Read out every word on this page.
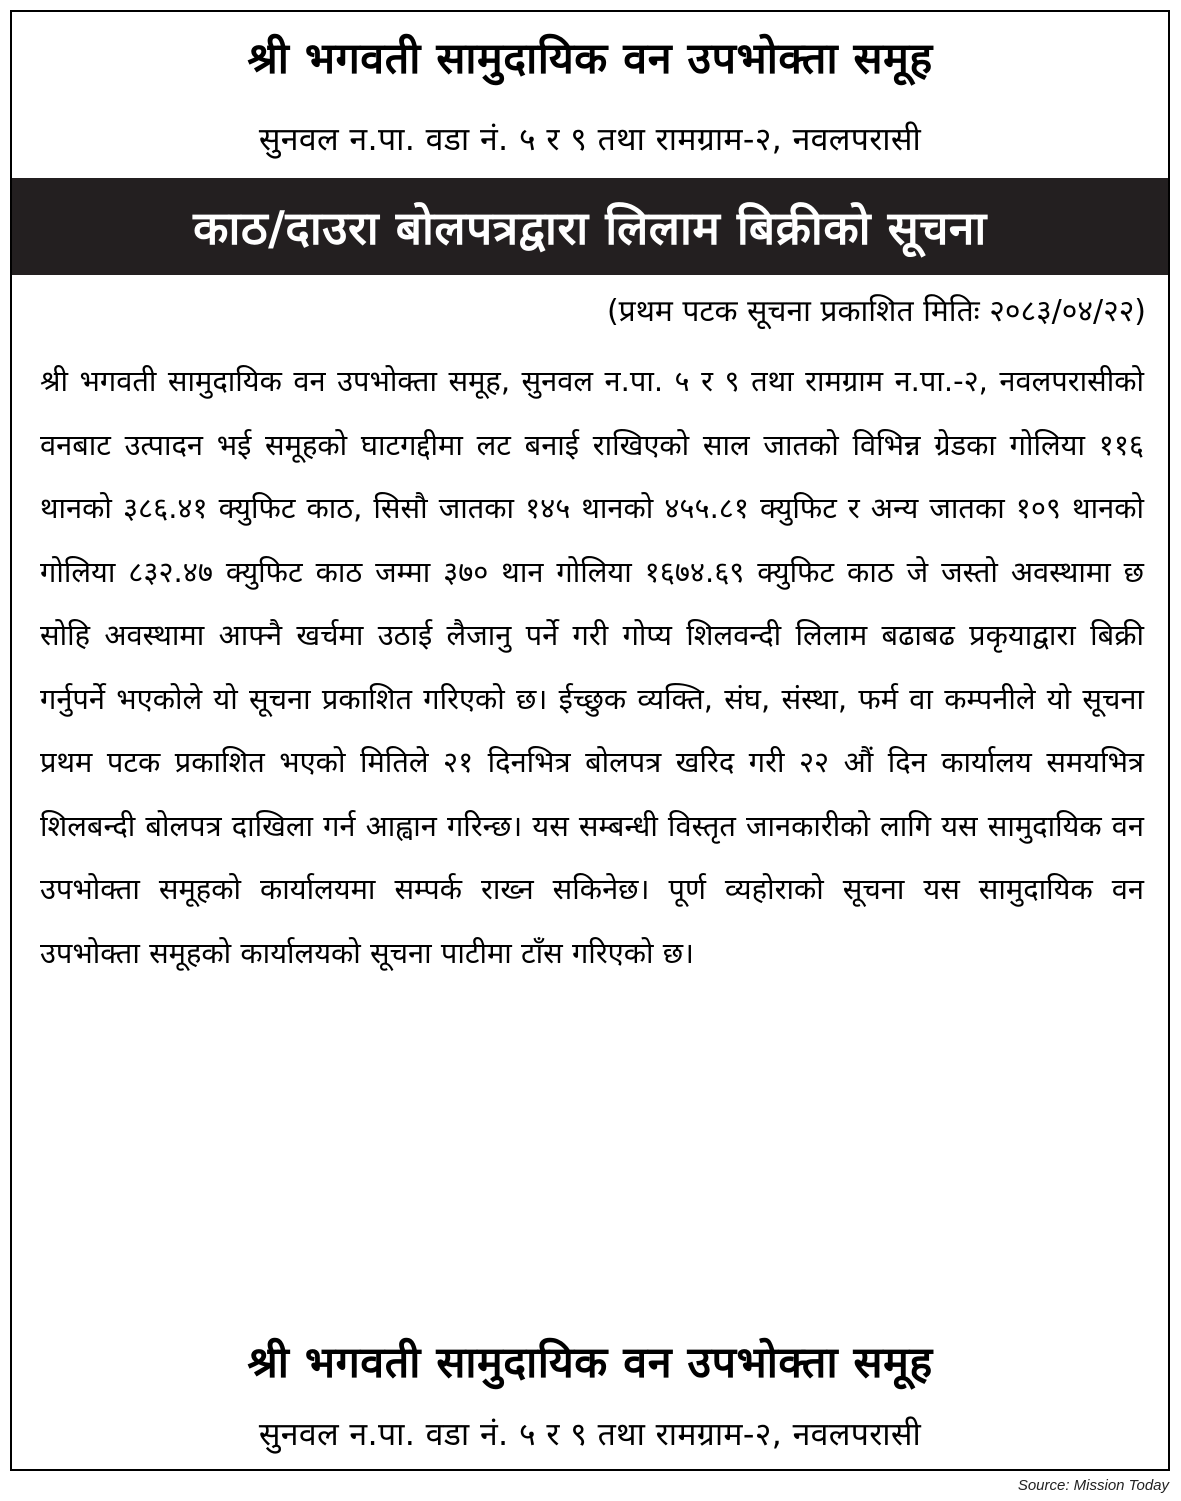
श्री भगवती सामुदायिक वन उपभोक्ता समूह
सुनवल न.पा. वडा नं. ५ र ९ तथा रामग्राम-२, नवलपरासी
काठ/दाउरा बोलपत्रद्वारा लिलाम बिक्रीको सूचना
(प्रथम पटक सूचना प्रकाशित मितिः २०८३/०४/२२)
श्री भगवती सामुदायिक वन उपभोक्ता समूह, सुनवल न.पा. ५ र ९ तथा रामग्राम न.पा.-२, नवलपरासीको वनबाट उत्पादन भई समूहको घाटगद्दीमा लट बनाई राखिएको साल जातको विभिन्न ग्रेडका गोलिया ११६ थानको ३८६.४१ क्युफिट काठ, सिसौ जातका १४५ थानको ४५५.८१ क्युफिट र अन्य जातका १०९ थानको गोलिया ८३२.४७ क्युफिट काठ जम्मा ३७० थान गोलिया १६७४.६९ क्युफिट काठ जे जस्तो अवस्थामा छ सोहि अवस्थामा आफ्नै खर्चमा उठाई लैजानु पर्ने गरी गोप्य शिलवन्दी लिलाम बढाबढ प्रकृयाद्वारा बिक्री गर्नुपर्ने भएकोले यो सूचना प्रकाशित गरिएको छ। ईच्छुक व्यक्ति, संघ, संस्था, फर्म वा कम्पनीले यो सूचना प्रथम पटक प्रकाशित भएको मितिले २१ दिनभित्र बोलपत्र खरिद गरी २२ औं दिन कार्यालय समयभित्र शिलबन्दी बोलपत्र दाखिला गर्न आह्वान गरिन्छ। यस सम्बन्धी विस्तृत जानकारीको लागि यस सामुदायिक वन उपभोक्ता समूहको कार्यालयमा सम्पर्क राख्न सकिनेछ। पूर्ण व्यहोराको सूचना यस सामुदायिक वन उपभोक्ता समूहको कार्यालयको सूचना पाटीमा टाँस गरिएको छ।
श्री भगवती सामुदायिक वन उपभोक्ता समूह
सुनवल न.पा. वडा नं. ५ र ९ तथा रामग्राम-२, नवलपरासी
Source: Mission Today
